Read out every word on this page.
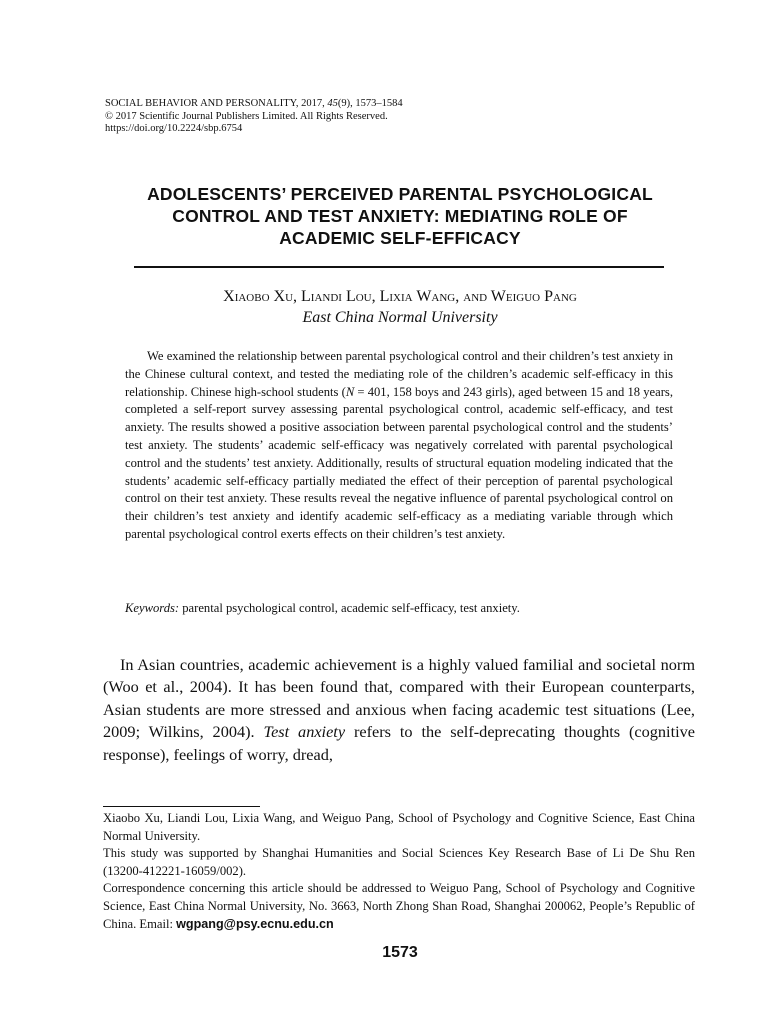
SOCIAL BEHAVIOR AND PERSONALITY, 2017, 45(9), 1573–1584
© 2017 Scientific Journal Publishers Limited. All Rights Reserved.
https://doi.org/10.2224/sbp.6754
ADOLESCENTS’ PERCEIVED PARENTAL PSYCHOLOGICAL
CONTROL AND TEST ANXIETY: MEDIATING ROLE OF
ACADEMIC SELF-EFFICACY
Xiaobo Xu, Liandi Lou, Lixia Wang, and Weiguo Pang
East China Normal University

We examined the relationship between parental psychological control and their children’s test anxiety in the Chinese cultural context, and tested the mediating role of the children’s academic self-efficacy in this relationship. Chinese high-school students (N = 401, 158 boys and 243 girls), aged between 15 and 18 years, completed a self-report survey assessing parental psychological control, academic self-efficacy, and test anxiety. The results showed a positive association between parental psychological control and the students’ test anxiety. The students’ academic self-efficacy was negatively correlated with parental psychological control and the students’ test anxiety. Additionally, results of structural equation modeling indicated that the students’ academic self-efficacy partially mediated the effect of their perception of parental psychological control on their test anxiety. These results reveal the negative influence of parental psychological control on their children’s test anxiety and identify academic self-efficacy as a mediating variable through which parental psychological control exerts effects on their children’s test anxiety.

Keywords: parental psychological control, academic self-efficacy, test anxiety.

In Asian countries, academic achievement is a highly valued familial and societal norm (Woo et al., 2004). It has been found that, compared with their European counterparts, Asian students are more stressed and anxious when facing academic test situations (Lee, 2009; Wilkins, 2004). Test anxiety refers to the self-deprecating thoughts (cognitive response), feelings of worry, dread,

Xiaobo Xu, Liandi Lou, Lixia Wang, and Weiguo Pang, School of Psychology and Cognitive Science, East China Normal University.

This study was supported by Shanghai Humanities and Social Sciences Key Research Base of Li De Shu Ren (13200-412221-16059/002).

Correspondence concerning this article should be addressed to Weiguo Pang, School of Psychology and Cognitive Science, East China Normal University, No. 3663, North Zhong Shan Road, Shanghai 200062, People’s Republic of China. Email: wgpang@psy.ecnu.edu.cn

1573
